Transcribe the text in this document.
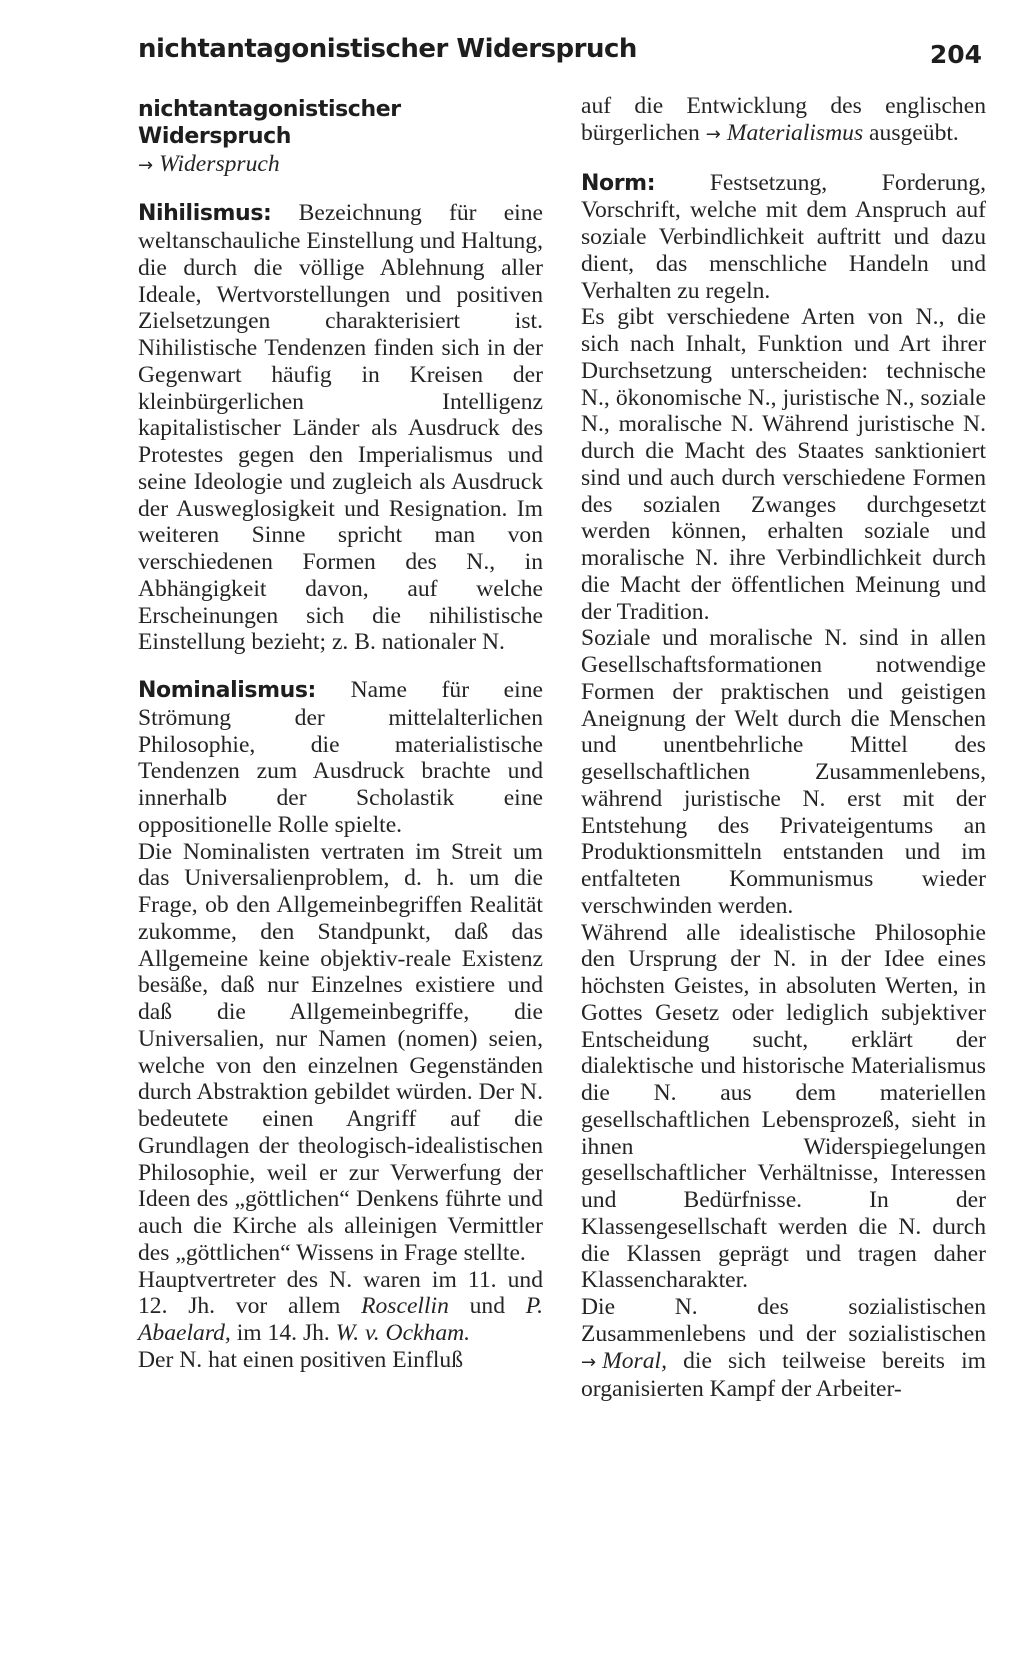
nichtantagonistischer Widerspruch	204
nichtantagonistischer Widerspruch

→ Widerspruch

Nihilismus: Bezeichnung für eine weltanschauliche Einstellung und Haltung, die durch die völlige Ablehnung aller Ideale, Wertvorstellungen und positiven Zielsetzungen charakterisiert ist. Nihilistische Tendenzen finden sich in der Gegenwart häufig in Kreisen der kleinbürgerlichen Intelligenz kapitalistischer Länder als Ausdruck des Protestes gegen den Imperialismus und seine Ideologie und zugleich als Ausdruck der Ausweglosigkeit und Resignation. Im weiteren Sinne spricht man von verschiedenen Formen des N., in Abhängigkeit davon, auf welche Erscheinungen sich die nihilistische Einstellung bezieht; z. B. nationaler N.

Nominalismus: Name für eine Strömung der mittelalterlichen Philosophie, die materialistische Tendenzen zum Ausdruck brachte und innerhalb der Scholastik eine oppositionelle Rolle spielte.

Die Nominalisten vertraten im Streit um das Universalienproblem, d. h. um die Frage, ob den Allgemeinbegriffen Realität zukomme, den Standpunkt, daß das Allgemeine keine objektiv-reale Existenz besäße, daß nur Einzelnes existiere und daß die Allgemeinbegriffe, die Universalien, nur Namen (nomen) seien, welche von den einzelnen Gegenständen durch Abstraktion gebildet würden. Der N. bedeutete einen Angriff auf die Grundlagen der theologisch-idealistischen Philosophie, weil er zur Verwerfung der Ideen des „göttlichen“ Denkens führte und auch die Kirche als alleinigen Vermittler des „göttlichen“ Wissens in Frage stellte.

Hauptvertreter des N. waren im 11. und 12. Jh. vor allem Roscellin und P. Abaelard, im 14. Jh. W. v. Ockham.

Der N. hat einen positiven Einfluß

auf die Entwicklung des englischen bürgerlichen → Materialismus ausgeübt.

Norm: Festsetzung, Forderung, Vorschrift, welche mit dem Anspruch auf soziale Verbindlichkeit auftritt und dazu dient, das menschliche Handeln und Verhalten zu regeln.

Es gibt verschiedene Arten von N., die sich nach Inhalt, Funktion und Art ihrer Durchsetzung unterscheiden: technische N., ökonomische N., juristische N., soziale N., moralische N. Während juristische N. durch die Macht des Staates sanktioniert sind und auch durch verschiedene Formen des sozialen Zwanges durchgesetzt werden können, erhalten soziale und moralische N. ihre Verbindlichkeit durch die Macht der öffentlichen Meinung und der Tradition.

Soziale und moralische N. sind in allen Gesellschaftsformationen notwendige Formen der praktischen und geistigen Aneignung der Welt durch die Menschen und unentbehrliche Mittel des gesellschaftlichen Zusammenlebens, während juristische N. erst mit der Entstehung des Privateigentums an Produktionsmitteln entstanden und im entfalteten Kommunismus wieder verschwinden werden.

Während alle idealistische Philosophie den Ursprung der N. in der Idee eines höchsten Geistes, in absoluten Werten, in Gottes Gesetz oder lediglich subjektiver Entscheidung sucht, erklärt der dialektische und historische Materialismus die N. aus dem materiellen gesellschaftlichen Lebensprozeß, sieht in ihnen Widerspiegelungen gesellschaftlicher Verhältnisse, Interessen und Bedürfnisse. In der Klassengesellschaft werden die N. durch die Klassen geprägt und tragen daher Klassencharakter.

Die N. des sozialistischen Zusammenlebens und der sozialistischen → Moral, die sich teilweise bereits im organisierten Kampf der Arbeiter-
